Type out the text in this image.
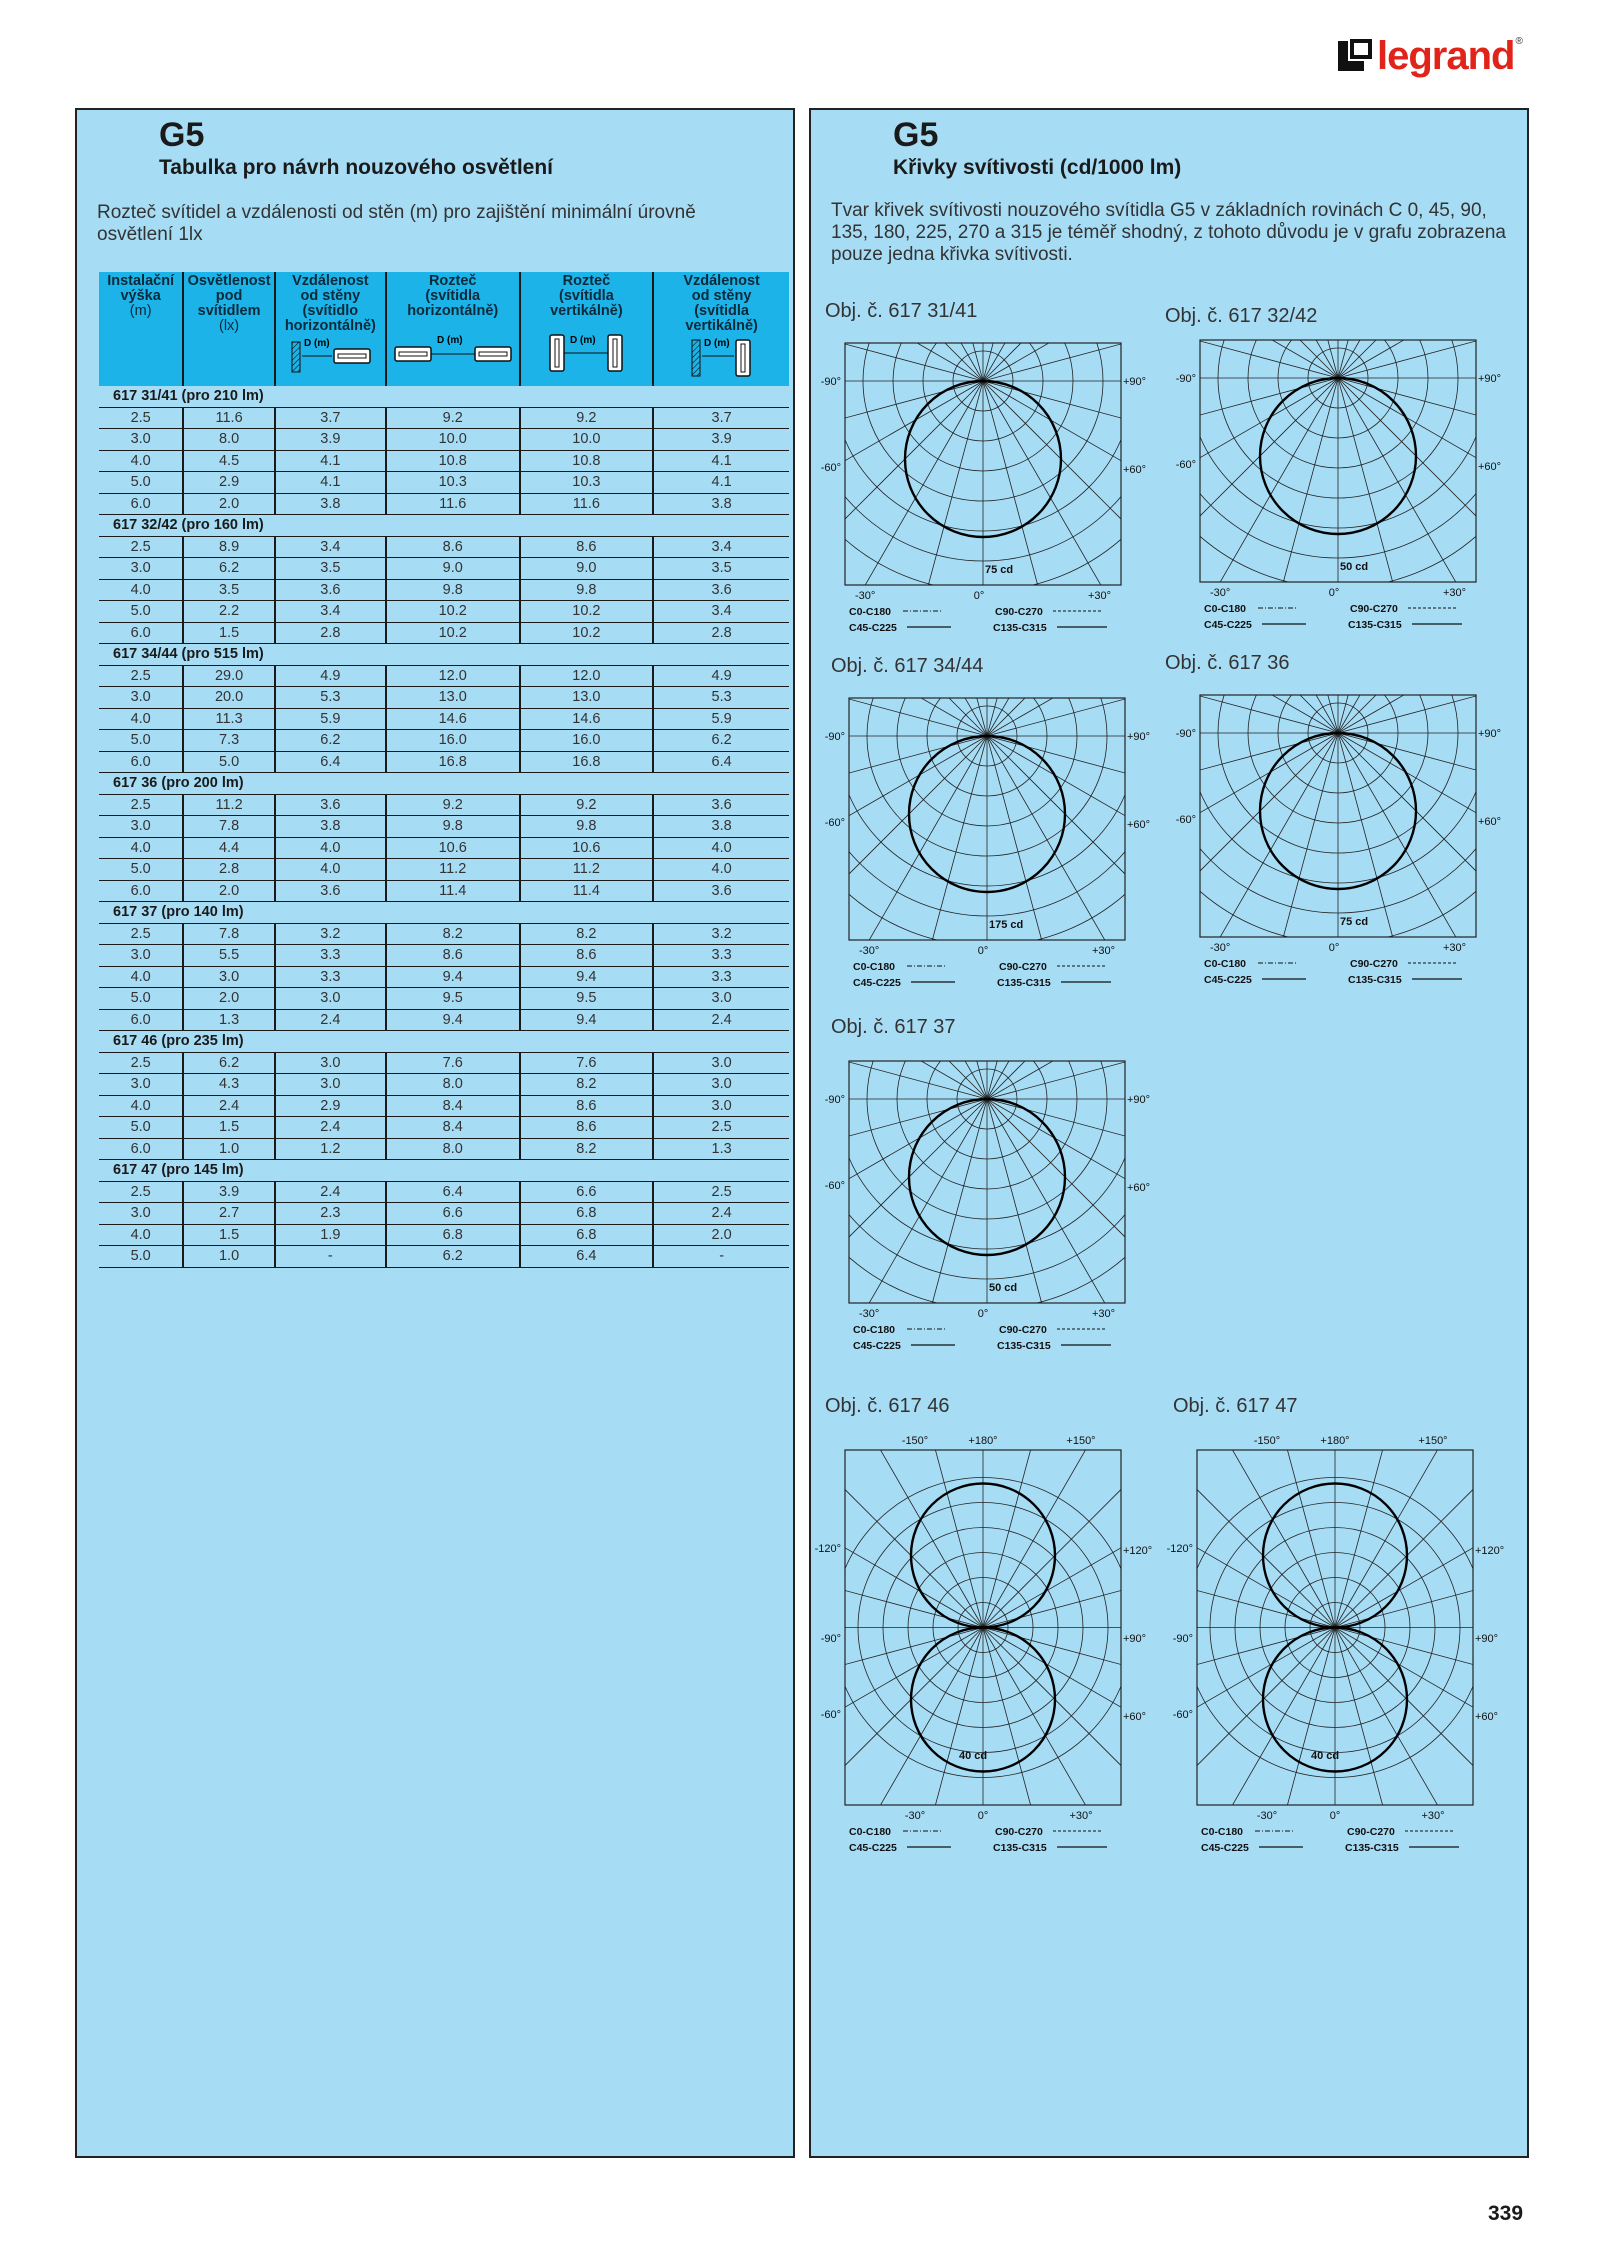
legrand ®
G5
Tabulka pro návrh nouzového osvětlení
Rozteč svítidel a vzdálenosti od stěn (m) pro zajištění minimální úrovně osvětlení 1lx
Instalační
výška
(m)	Osvětlenost
pod
svítidlem
(lx)	Vzdálenost
od stěny
(svítidlo
horizontálně)
D (m)	Rozteč
(svítidla
horizontálně)
D (m)	Rozteč
(svítidla
vertikálně)
D (m)	Vzdálenost
od stěny
(svítidla
vertikálně)
D (m)

617 31/41 (pro 210 lm)					
2.5	11.6	3.7	9.2	9.2	3.7
3.0	8.0	3.9	10.0	10.0	3.9
4.0	4.5	4.1	10.8	10.8	4.1
5.0	2.9	4.1	10.3	10.3	4.1
6.0	2.0	3.8	11.6	11.6	3.8
617 32/42 (pro 160 lm)					
2.5	8.9	3.4	8.6	8.6	3.4
3.0	6.2	3.5	9.0	9.0	3.5
4.0	3.5	3.6	9.8	9.8	3.6
5.0	2.2	3.4	10.2	10.2	3.4
6.0	1.5	2.8	10.2	10.2	2.8
617 34/44 (pro 515 lm)					
2.5	29.0	4.9	12.0	12.0	4.9
3.0	20.0	5.3	13.0	13.0	5.3
4.0	11.3	5.9	14.6	14.6	5.9
5.0	7.3	6.2	16.0	16.0	6.2
6.0	5.0	6.4	16.8	16.8	6.4
617 36 (pro 200 lm)					
2.5	11.2	3.6	9.2	9.2	3.6
3.0	7.8	3.8	9.8	9.8	3.8
4.0	4.4	4.0	10.6	10.6	4.0
5.0	2.8	4.0	11.2	11.2	4.0
6.0	2.0	3.6	11.4	11.4	3.6
617 37 (pro 140 lm)					
2.5	7.8	3.2	8.2	8.2	3.2
3.0	5.5	3.3	8.6	8.6	3.3
4.0	3.0	3.3	9.4	9.4	3.3
5.0	2.0	3.0	9.5	9.5	3.0
6.0	1.3	2.4	9.4	9.4	2.4
617 46 (pro 235 lm)					
2.5	6.2	3.0	7.6	7.6	3.0
3.0	4.3	3.0	8.0	8.2	3.0
4.0	2.4	2.9	8.4	8.6	3.0
5.0	1.5	2.4	8.4	8.6	2.5
6.0	1.0	1.2	8.0	8.2	1.3
617 47 (pro 145 lm)					
2.5	3.9	2.4	6.4	6.6	2.5
3.0	2.7	2.3	6.6	6.8	2.4
4.0	1.5	1.9	6.8	6.8	2.0
5.0	1.0	-	6.2	6.4	-
G5
Křivky svítivosti (cd/1000 lm)
Tvar křivek svítivosti nouzového svítidla G5 v základních rovinách C 0, 45, 90, 135, 180, 225, 270 a 315 je téměř shodný, z tohoto důvodu je v grafu zobrazena pouze jedna křivka svítivosti.
Obj. č. 617 31/41
-90°	+90°
-60°	+60°
-30°	0°	+30°
75 cd
C0-C180
C45-C225
C90-C270
C135-C315
Obj. č. 617 32/42
-90°	+90°
-60°	+60°
-30°	0°	+30°
50 cd
C0-C180
C45-C225
C90-C270
C135-C315
Obj. č. 617 34/44
-90°	+90°
-60°	+60°
-30°	0°	+30°
175 cd
C0-C180
C45-C225
C90-C270
C135-C315
Obj. č. 617 36
-90°	+90°
-60°	+60°
-30°	0°	+30°
75 cd
C0-C180
C45-C225
C90-C270
C135-C315
Obj. č. 617 37
-90°	+90°
-60°	+60°
-30°	0°	+30°
50 cd
C0-C180
C45-C225
C90-C270
C135-C315
Obj. č. 617 46
-150°	+180°	+150°
-120°	+120°
-90°	+90°
-60°	+60°
-30°	0°	+30°
40 cd
C0-C180
C45-C225
C90-C270
C135-C315
Obj. č. 617 47
-150°	+180°	+150°
-120°	+120°
-90°	+90°
-60°	+60°
-30°	0°	+30°
40 cd
C0-C180
C45-C225
C90-C270
C135-C315
339
